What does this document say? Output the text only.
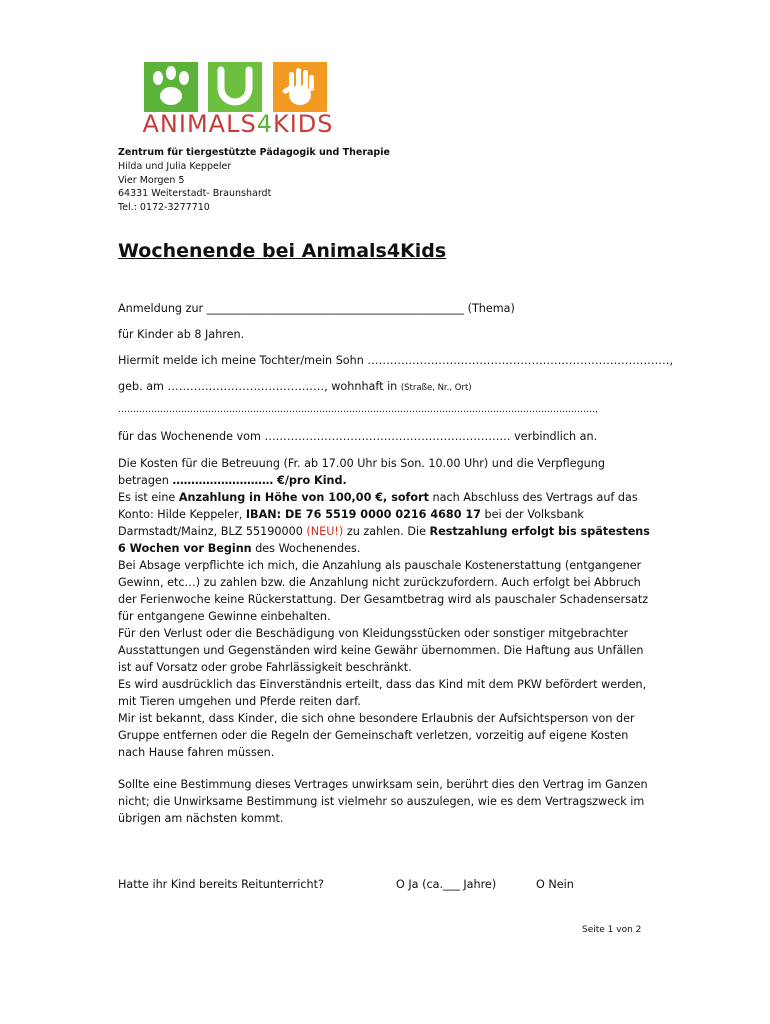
ANIMALS4KIDS
Zentrum für tiergestützte Pädagogik und Therapie
Hilda und Julia Keppeler
Vier Morgen 5
64331 Weiterstadt- Braunshardt
Tel.: 0172-3277710
Wochenende bei Animals4Kids
Anmeldung zur ______________________________________________ (Thema)
für Kinder ab 8 Jahren.
Hiermit melde ich meine Tochter/mein Sohn ………………………………………………………………………,
geb. am ……………………………………, wohnhaft in (Straße, Nr., Ort)
……………………………………………………………………………………………………………………………………………,
für das Wochenende vom ………………………………………………………… verbindlich an.

Die Kosten für die Betreuung (Fr. ab 17.00 Uhr bis Son. 10.00 Uhr) und die Verpflegung
betragen ……………………… €/pro Kind.

Es ist eine Anzahlung in Höhe von 100,00 €, sofort nach Abschluss des Vertrags auf das Konto: Hilde Keppeler, IBAN: DE 76 5519 0000 0216 4680 17 bei der Volksbank Darmstadt/Mainz, BLZ 55190000 (NEU!) zu zahlen. Die Restzahlung erfolgt bis spätestens 6 Wochen vor Beginn des Wochenendes.

Bei Absage verpflichte ich mich, die Anzahlung als pauschale Kostenerstattung (entgangener Gewinn, etc…) zu zahlen bzw. die Anzahlung nicht zurückzufordern. Auch erfolgt bei Abbruch der Ferienwoche keine Rückerstattung. Der Gesamtbetrag wird als pauschaler Schadensersatz für entgangene Gewinne einbehalten.

Für den Verlust oder die Beschädigung von Kleidungsstücken oder sonstiger mitgebrachter Ausstattungen und Gegenständen wird keine Gewähr übernommen. Die Haftung aus Unfällen ist auf Vorsatz oder grobe Fahrlässigkeit beschränkt.

Es wird ausdrücklich das Einverständnis erteilt, dass das Kind mit dem PKW befördert werden, mit Tieren umgehen und Pferde reiten darf.

Mir ist bekannt, dass Kinder, die sich ohne besondere Erlaubnis der Aufsichtsperson von der Gruppe entfernen oder die Regeln der Gemeinschaft verletzen, vorzeitig auf eigene Kosten nach Hause fahren müssen.

Sollte eine Bestimmung dieses Vertrages unwirksam sein, berührt dies den Vertrag im Ganzen nicht; die Unwirksame Bestimmung ist vielmehr so auszulegen, wie es dem Vertragszweck im übrigen am nächsten kommt.

Hatte ihr Kind bereits Reitunterricht?	O Ja (ca.___ Jahre)	O Nein
Seite 1 von 2
